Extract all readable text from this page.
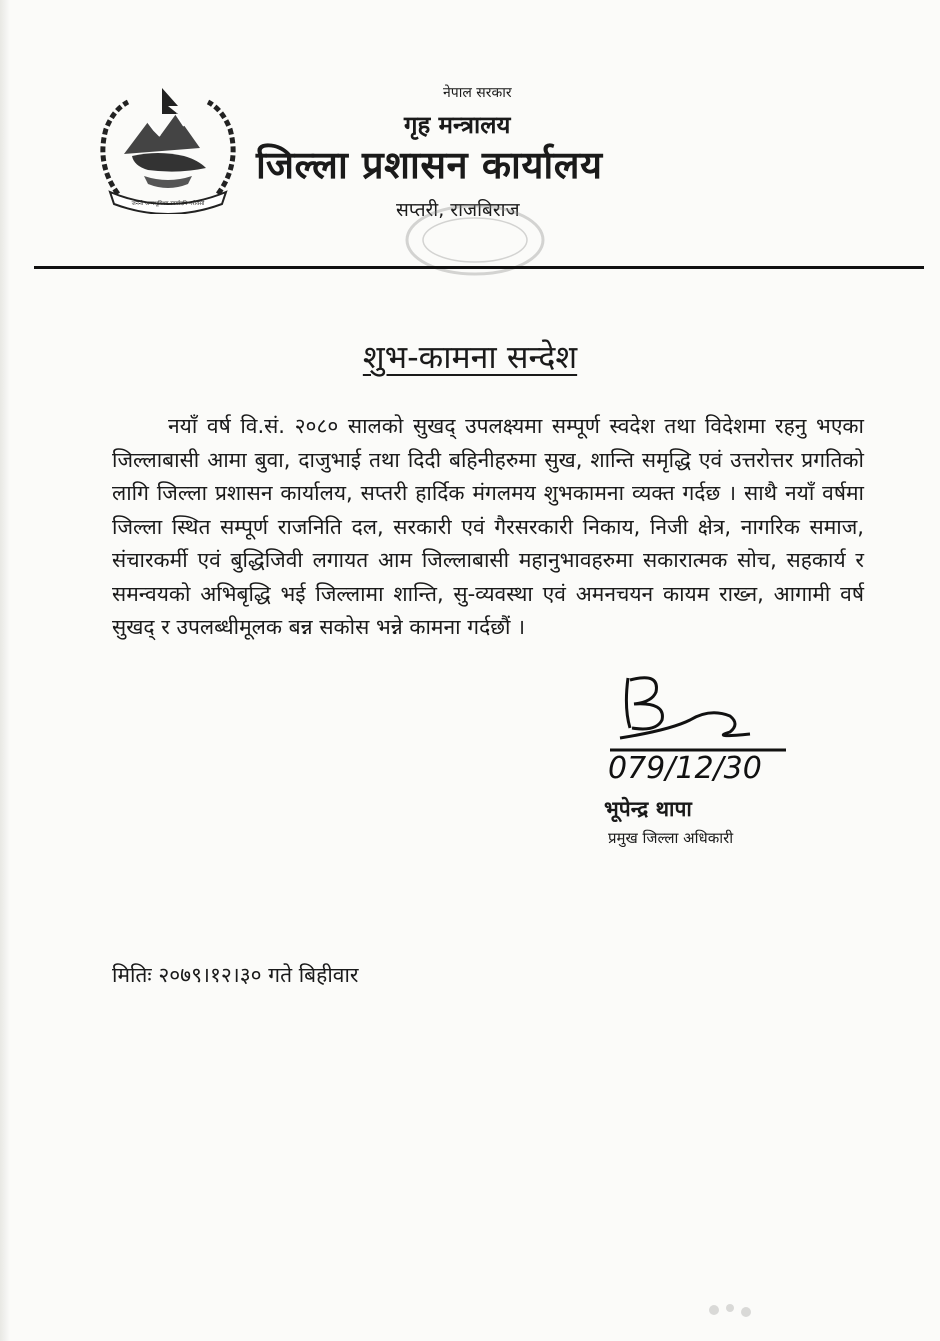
जननी जन्मभूमिश्च स्वर्गादपि गरीयसी
नेपाल सरकार
गृह मन्त्रालय
जिल्ला प्रशासन कार्यालय
सप्तरी, राजबिराज
शुभ-कामना सन्देश

नयाँ वर्ष वि.सं. २०८० सालको सुखद् उपलक्ष्यमा सम्पूर्ण स्वदेश तथा विदेशमा रहनु भएका जिल्लाबासी आमा बुवा, दाजुभाई तथा दिदी बहिनीहरुमा सुख, शान्ति समृद्धि एवं उत्तरोत्तर प्रगतिको लागि जिल्ला प्रशासन कार्यालय, सप्तरी हार्दिक मंगलमय शुभकामना व्यक्त गर्दछ । साथै नयाँ वर्षमा जिल्ला स्थित सम्पूर्ण राजनिति दल, सरकारी एवं गैरसरकारी निकाय, निजी क्षेत्र, नागरिक समाज, संचारकर्मी एवं बुद्धिजिवी लगायत आम जिल्लाबासी महानुभावहरुमा सकारात्मक सोच, सहकार्य र समन्वयको अभिबृद्धि भई जिल्लामा शान्ति, सु-व्यवस्था एवं अमनचयन कायम राख्न, आगामी वर्ष सुखद् र उपलब्धीमूलक बन्न सकोस भन्ने कामना गर्दछौं ।

079/12/30
भूपेन्द्र थापा
प्रमुख जिल्ला अधिकारी
मितिः २०७९।१२।३० गते बिहीवार
